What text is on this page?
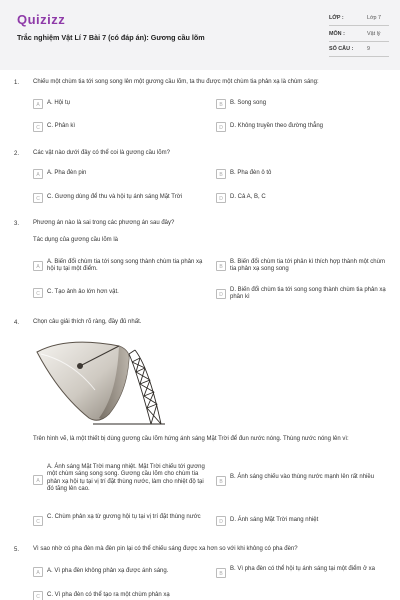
Quizizz
Trắc nghiệm Vật Lí 7 Bài 7 (có đáp án): Gương cầu lõm
LỚP :	Lớp 7
MÔN :	Vật lý
SỐ CÂU :	9
1. Chiếu một chùm tia tới song song lên một gương cầu lõm, ta thu được một chùm tia phản xạ là chùm sáng:
A	A. Hội tụ	B	B. Song song
C	C. Phân kì	D	D. Không truyền theo đường thẳng
2. Các vật nào dưới đây có thể coi là gương cầu lõm?
A	A. Pha đèn pin	B	B. Pha đèn ô tô
C	C. Gương dùng để thu và hội tụ ánh sáng Mặt Trời	D	D. Cả A, B, C
3. Phương án nào là sai trong các phương án sau đây?
Tác dụng của gương cầu lõm là
A
A. Biến đổi chùm tia tới song song thành chùm tia phản xạ hội tụ tại một điểm.	B
B. Biến đổi chùm tia tới phân kì thích hợp thành một chùm tia phản xạ song song
C	C. Tạo ảnh ảo lớn hơn vật.	D
D. Biến đổi chùm tia tới song song thành chùm tia phản xạ phân kì
4. Chọn câu giải thích rõ ràng, đầy đủ nhất.
Trên hình vẽ, là một thiết bị dùng gương cầu lõm hứng ánh sáng Mặt Trời để đun nước nóng. Thùng nước nóng lên vì:
A
A. Ánh sáng Mặt Trời mang nhiệt. Mặt Trời chiếu tới gương một chùm sáng song song. Gương cầu lõm cho chùm tia phản xạ hội tụ tại vị trí đặt thùng nước, làm cho nhiệt độ tại đó tăng lên cao.
B
B. Ánh sáng chiếu vào thùng nước mạnh lên rất nhiều
C
C. Chùm phản xạ từ gương hội tụ tại vị trí đặt thùng nước
D	D. Ánh sáng Mặt Trời mang nhiệt
5. Vì sao nhờ có pha đèn mà đèn pin lại có thể chiếu sáng được xa hơn so với khi không có pha đèn?
A	A. Vì pha đèn không phản xạ được ánh sáng.	B
B. Vì pha đèn có thể hội tụ ánh sáng tại một điểm ở xa
C	C. Vì pha đèn có thể tạo ra một chùm phản xạ
